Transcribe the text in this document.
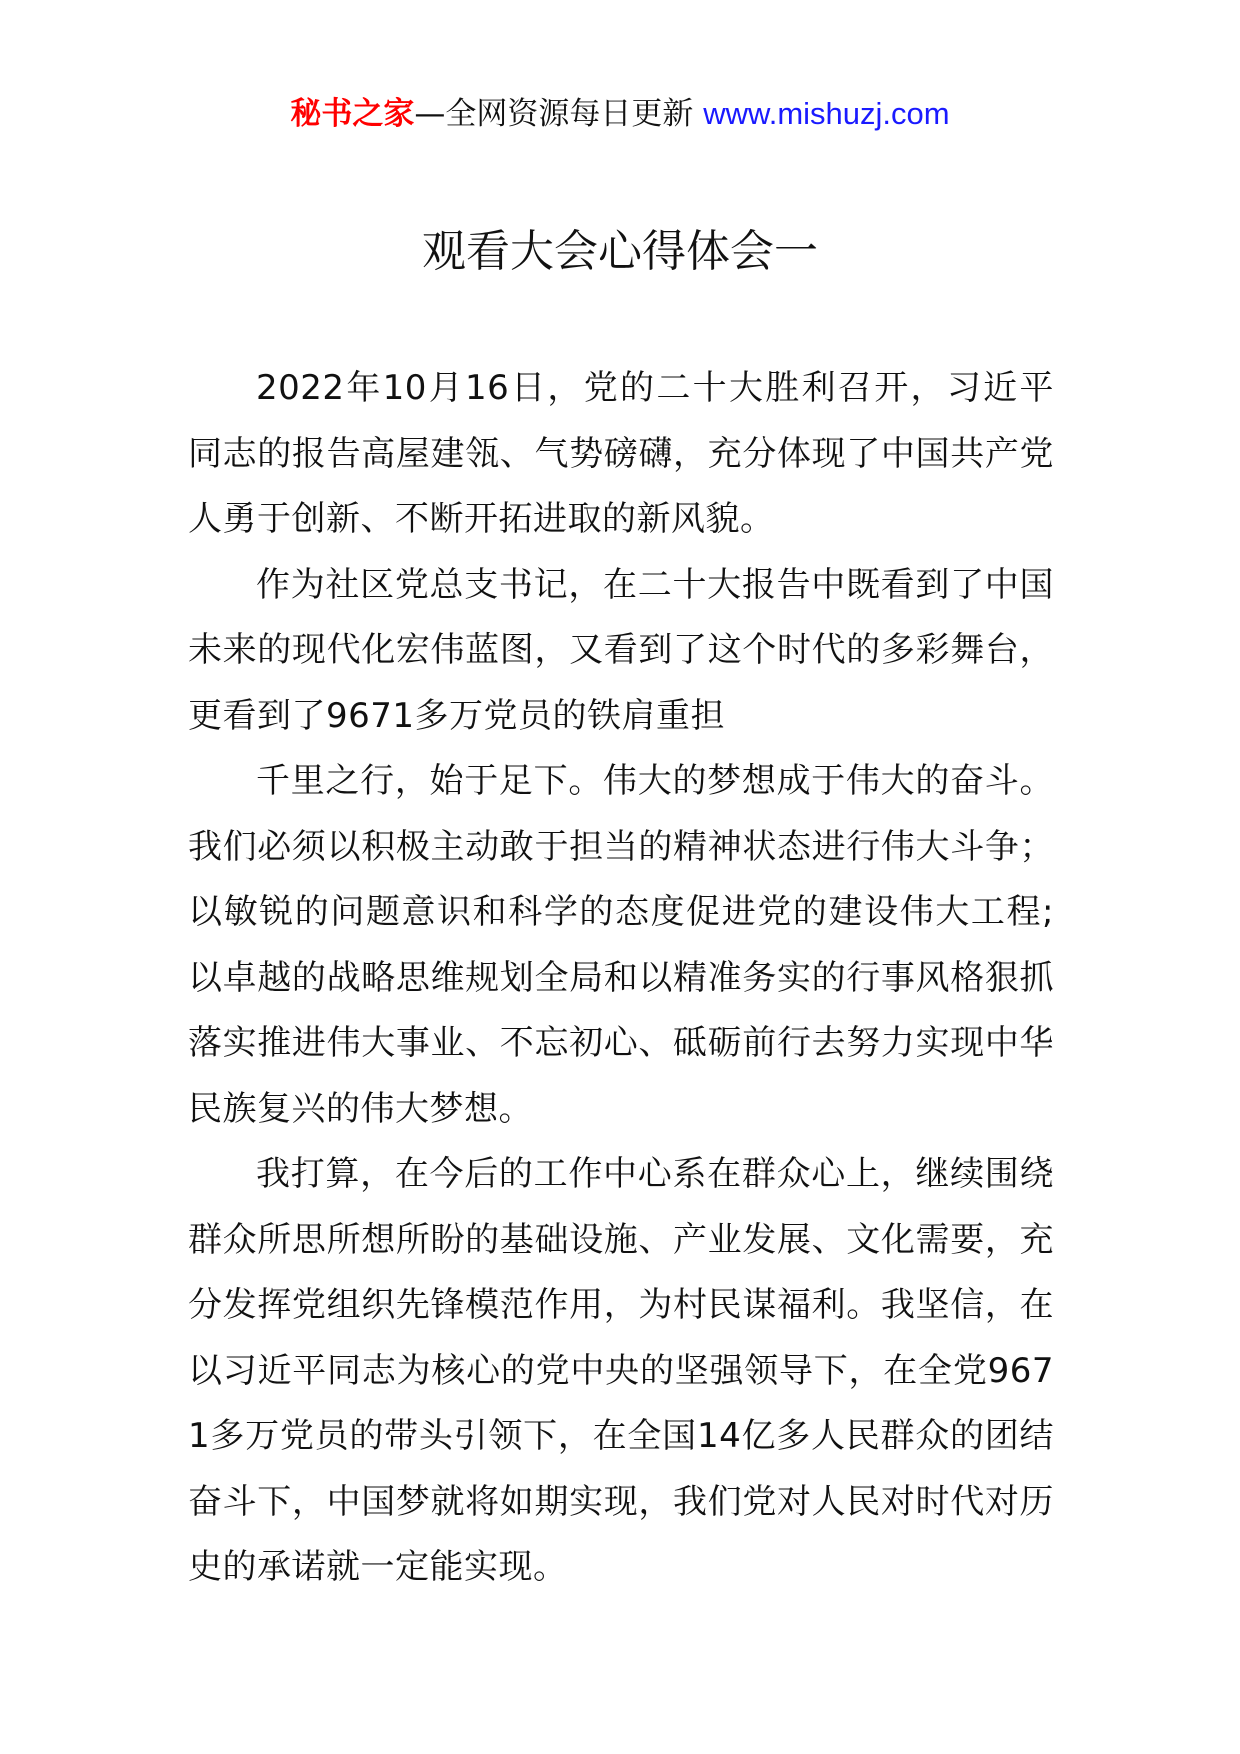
秘书之家—全网资源每日更新 www.mishuzj.com
观看大会心得体会一

2022年10月16日，党的二十大胜利召开，习近平同志的报告高屋建瓴、气势磅礴，充分体现了中国共产党人勇于创新、不断开拓进取的新风貌。

作为社区党总支书记，在二十大报告中既看到了中国未来的现代化宏伟蓝图，又看到了这个时代的多彩舞台，更看到了9671多万党员的铁肩重担

千里之行，始于足下。伟大的梦想成于伟大的奋斗。我们必须以积极主动敢于担当的精神状态进行伟大斗争；以敏锐的问题意识和科学的态度促进党的建设伟大工程;以卓越的战略思维规划全局和以精准务实的行事风格狠抓落实推进伟大事业、不忘初心、砥砺前行去努力实现中华民族复兴的伟大梦想。

我打算，在今后的工作中心系在群众心上，继续围绕群众所思所想所盼的基础设施、产业发展、文化需要，充分发挥党组织先锋模范作用，为村民谋福利。我坚信，在以习近平同志为核心的党中央的坚强领导下，在全党9671多万党员的带头引领下，在全国14亿多人民群众的团结奋斗下，中国梦就将如期实现，我们党对人民对时代对历史的承诺就一定能实现。
